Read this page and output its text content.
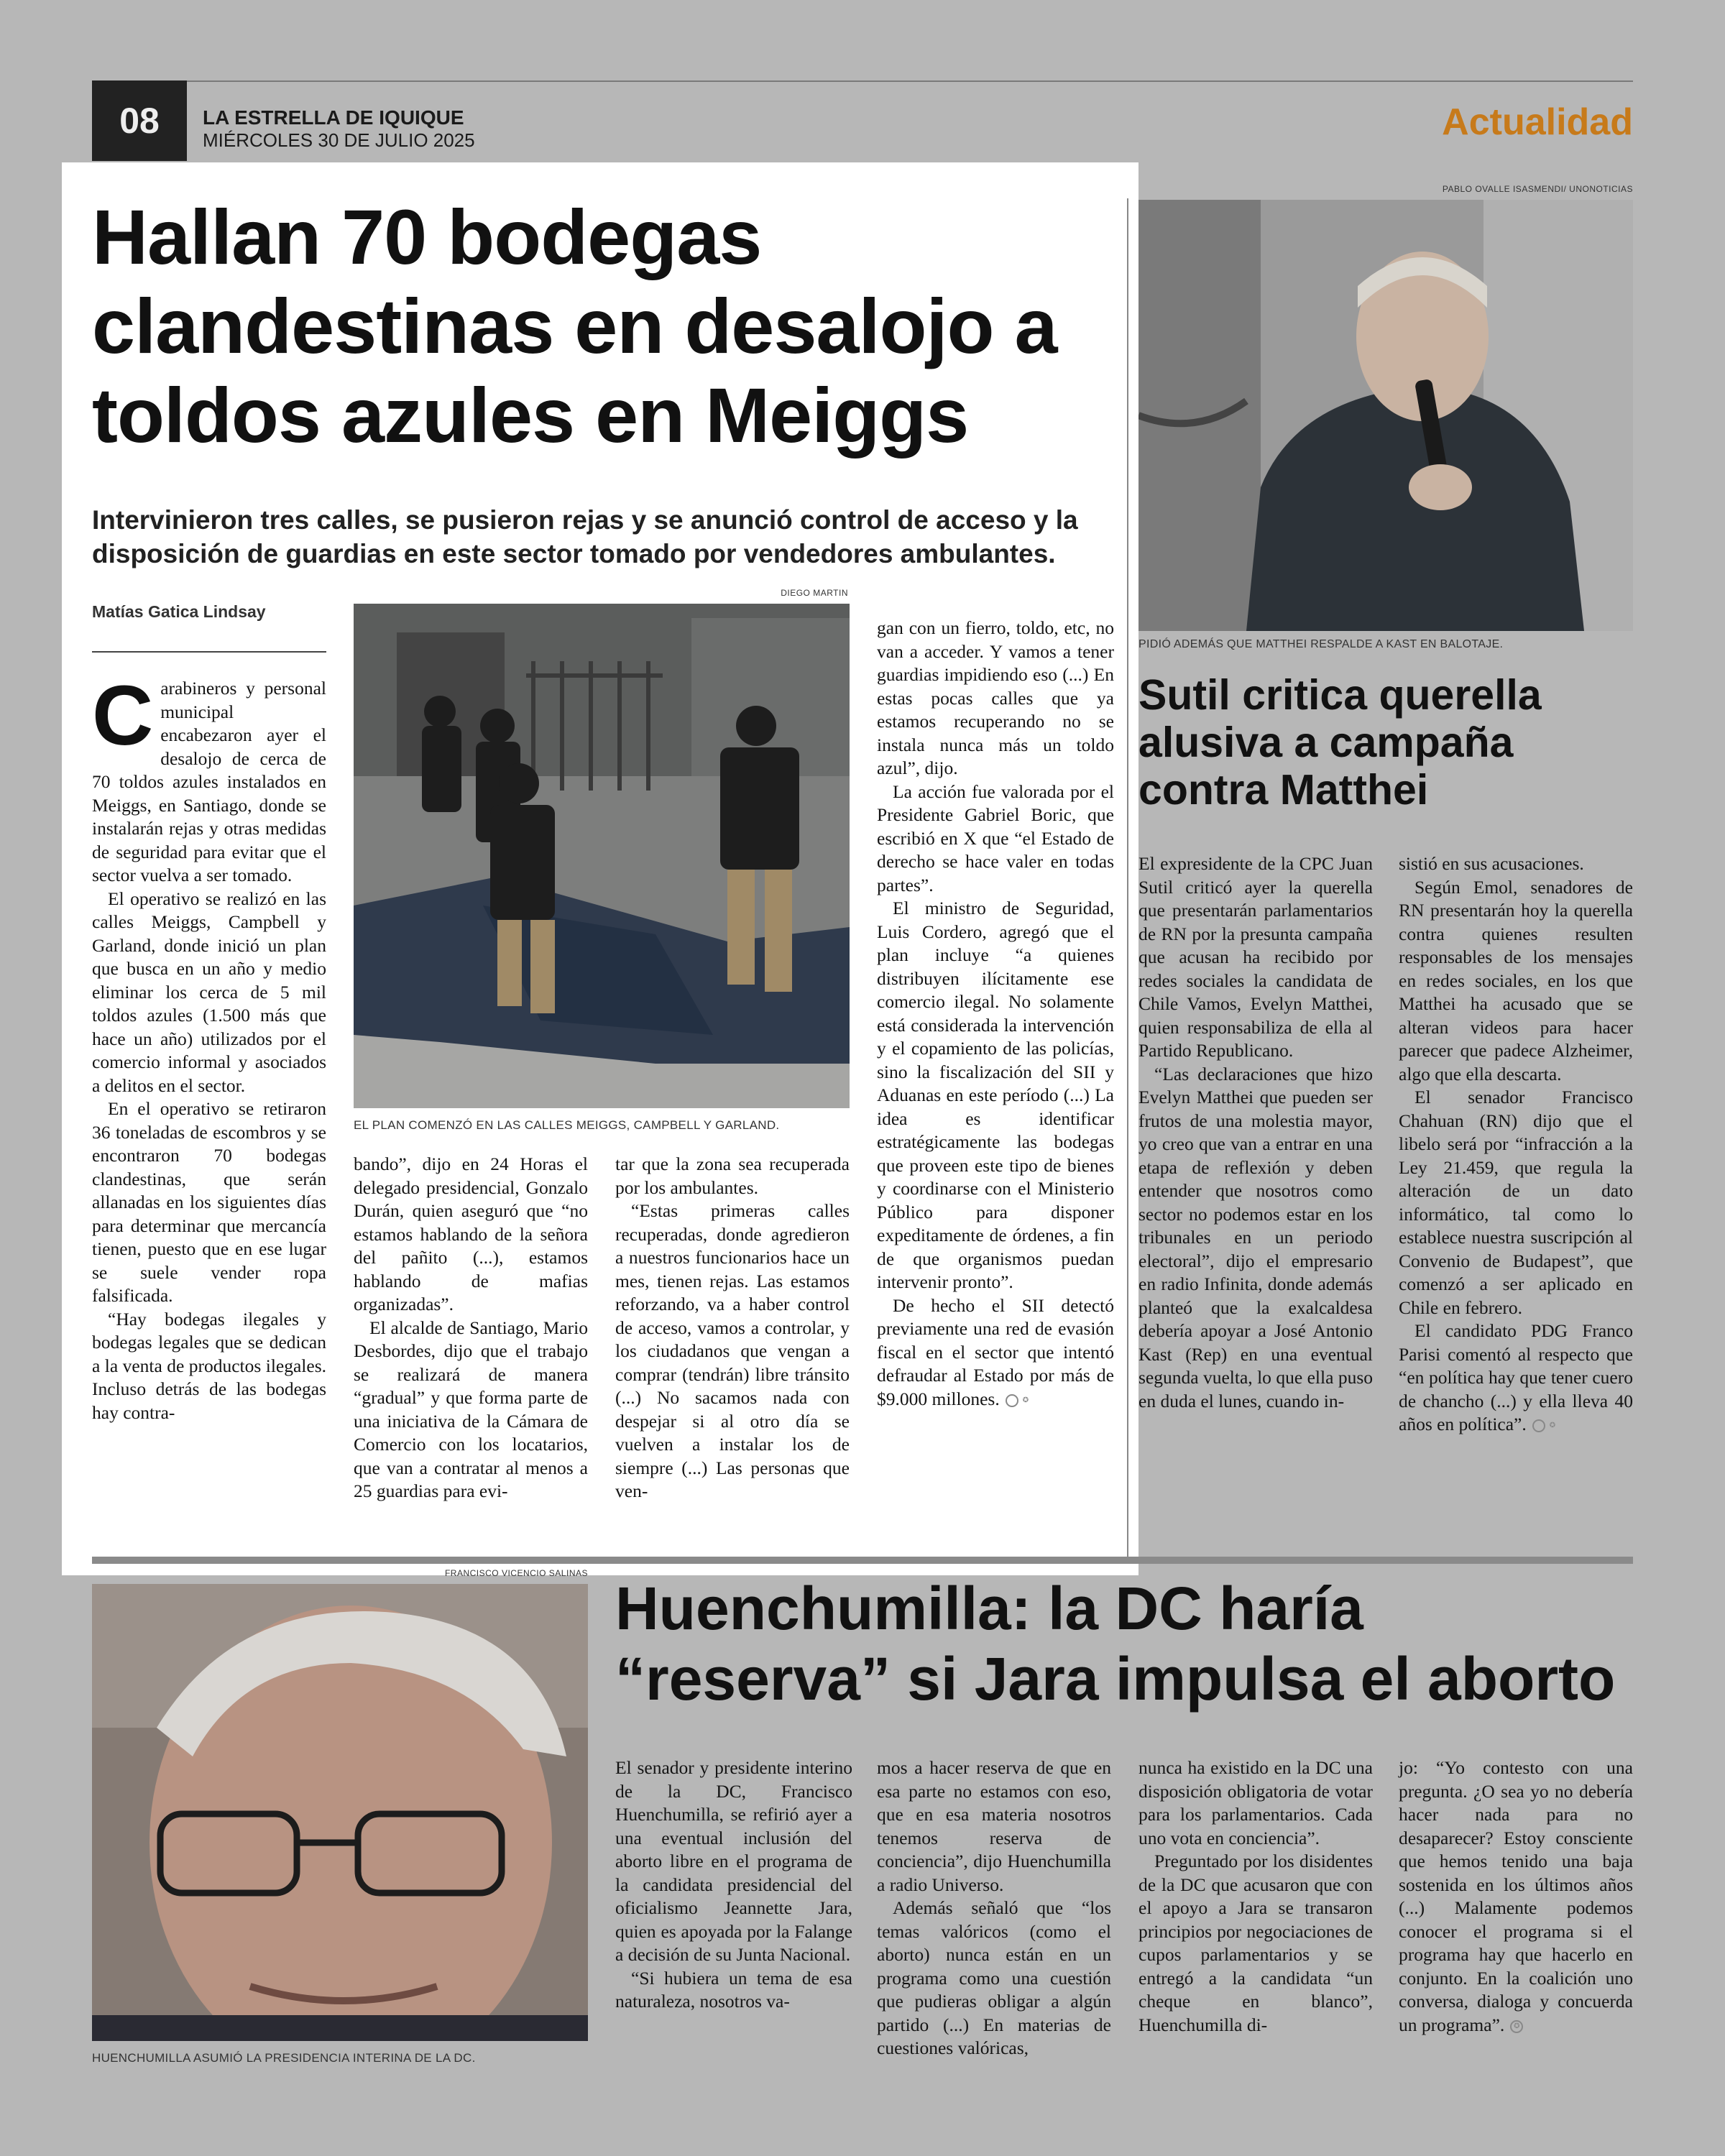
08	LA ESTRELLA DE IQUIQUE
MIÉRCOLES 30 DE JULIO 2025	Actualidad
Hallan 70 bodegas clandestinas en desalojo a toldos azules en Meiggs
Intervinieron tres calles, se pusieron rejas y se anunció control de acceso y la disposición de guardias en este sector tomado por vendedores ambulantes.
Matías Gatica Lindsay
DIEGO MARTIN
EL PLAN COMENZÓ EN LAS CALLES MEIGGS, CAMPBELL Y GARLAND.

Carabineros y personal municipal encabezaron ayer el desalojo de cerca de 70 toldos azules instalados en Meiggs, en Santiago, donde se instalarán rejas y otras medidas de seguridad para evitar que el sector vuelva a ser tomado.

El operativo se realizó en las calles Meiggs, Campbell y Garland, donde inició un plan que busca en un año y medio eliminar los cerca de 5 mil toldos azules (1.500 más que hace un año) utilizados por el comercio informal y asociados a delitos en el sector.

En el operativo se retiraron 36 toneladas de escombros y se encontraron 70 bodegas clandestinas, que serán allanadas en los siguientes días para determinar que mercancía tienen, puesto que en ese lugar se suele vender ropa falsificada.

“Hay bodegas ilegales y bodegas legales que se dedican a la venta de productos ilegales. Incluso detrás de las bodegas hay contra-

bando”, dijo en 24 Horas el delegado presidencial, Gonzalo Durán, quien aseguró que “no estamos hablando de la señora del pañito (...), estamos hablando de mafias organizadas”.

El alcalde de Santiago, Mario Desbordes, dijo que el trabajo se realizará de manera “gradual” y que forma parte de una iniciativa de la Cámara de Comercio con los locatarios, que van a contratar al menos a 25 guardias para evi-

tar que la zona sea recuperada por los ambulantes.

“Estas primeras calles recuperadas, donde agredieron a nuestros funcionarios hace un mes, tienen rejas. Las estamos reforzando, va a haber control de acceso, vamos a controlar, y los ciudadanos que vengan a comprar (tendrán) libre tránsito (...) No sacamos nada con despejar si al otro día se vuelven a instalar los de siempre (...) Las personas que ven-

gan con un fierro, toldo, etc, no van a acceder. Y vamos a tener guardias impidiendo eso (...) En estas pocas calles que ya estamos recuperando no se instala nunca más un toldo azul”, dijo.

La acción fue valorada por el Presidente Gabriel Boric, que escribió en X que “el Estado de derecho se hace valer en todas partes”.

El ministro de Seguridad, Luis Cordero, agregó que el plan incluye “a quienes distribuyen ilícitamente ese comercio ilegal. No solamente está considerada la intervención y el copamiento de las policías, sino la fiscalización del SII y Aduanas en este período (...) La idea es identificar estratégicamente las bodegas que proveen este tipo de bienes y coordinarse con el Ministerio Público para disponer expeditamente de órdenes, a fin de que organismos puedan intervenir pronto”.

De hecho el SII detectó previamente una red de evasión fiscal en el sector que intentó defraudar al Estado por más de $9.000 millones.	✪

PABLO OVALLE ISASMENDI/ UNONOTICIAS
PIDIÓ ADEMÁS QUE MATTHEI RESPALDE A KAST EN BALOTAJE.
Sutil critica querella alusiva a campaña contra Matthei

El expresidente de la CPC Juan Sutil criticó ayer la querella que presentarán parlamentarios de RN por la presunta campaña que acusan ha recibido por redes sociales la candidata de Chile Vamos, Evelyn Matthei, quien responsabiliza de ella al Partido Republicano.

“Las declaraciones que hizo Evelyn Matthei que pueden ser frutos de una molestia mayor, yo creo que van a entrar en una etapa de reflexión y deben entender que nosotros como sector no podemos estar en los tribunales en un periodo electoral”, dijo el empresario en radio Infinita, donde además planteó que la exalcaldesa debería apoyar a José Antonio Kast (Rep) en una eventual segunda vuelta, lo que ella puso en duda el lunes, cuando in-

sistió en sus acusaciones.

Según Emol, senadores de RN presentarán hoy la querella contra quienes resulten responsables de los mensajes en redes sociales, en los que Matthei ha acusado que se alteran videos para hacer parecer que padece Alzheimer, algo que ella descarta.

El senador Francisco Chahuan (RN) dijo que el libelo será por “infracción a la Ley 21.459, que regula la alteración de un dato informático, tal como lo establece nuestra suscripción al Convenio de Budapest”, que comenzó a ser aplicado en Chile en febrero.

El candidato PDG Franco Parisi comentó al respecto que “en política hay que tener cuero de chancho (...) y ella lleva 40 años en política”.	✪

FRANCISCO VICENCIO SALINAS
HUENCHUMILLA ASUMIÓ LA PRESIDENCIA INTERINA DE LA DC.
Huenchumilla: la DC haría
“reserva” si Jara impulsa el aborto

El senador y presidente interino de la DC, Francisco Huenchumilla, se refirió ayer a una eventual inclusión del aborto libre en el programa de la candidata presidencial del oficialismo Jeannette Jara, quien es apoyada por la Falange a decisión de su Junta Nacional.

“Si hubiera un tema de esa naturaleza, nosotros va-

mos a hacer reserva de que en esa parte no estamos con eso, que en esa materia nosotros tenemos reserva de conciencia”, dijo Huenchumilla a radio Universo.

Además señaló que “los temas valóricos (como el aborto) nunca están en un programa como una cuestión que pudieras obligar a algún partido (...) En materias de cuestiones valóricas,

nunca ha existido en la DC una disposición obligatoria de votar para los parlamentarios. Cada uno vota en conciencia”.

Preguntado por los disidentes de la DC que acusaron que con el apoyo a Jara se transaron principios por negociaciones de cupos parlamentarios y se entregó a la candidata “un cheque en blanco”, Huenchumilla di-

jo: “Yo contesto con una pregunta. ¿O sea yo no debería hacer nada para no desaparecer? Estoy consciente que hemos tenido una baja sostenida en los últimos años (...) Malamente podemos conocer el programa si el programa hay que hacerlo en conjunto. En la coalición uno conversa, dialoga y concuerda un programa”. ✪
